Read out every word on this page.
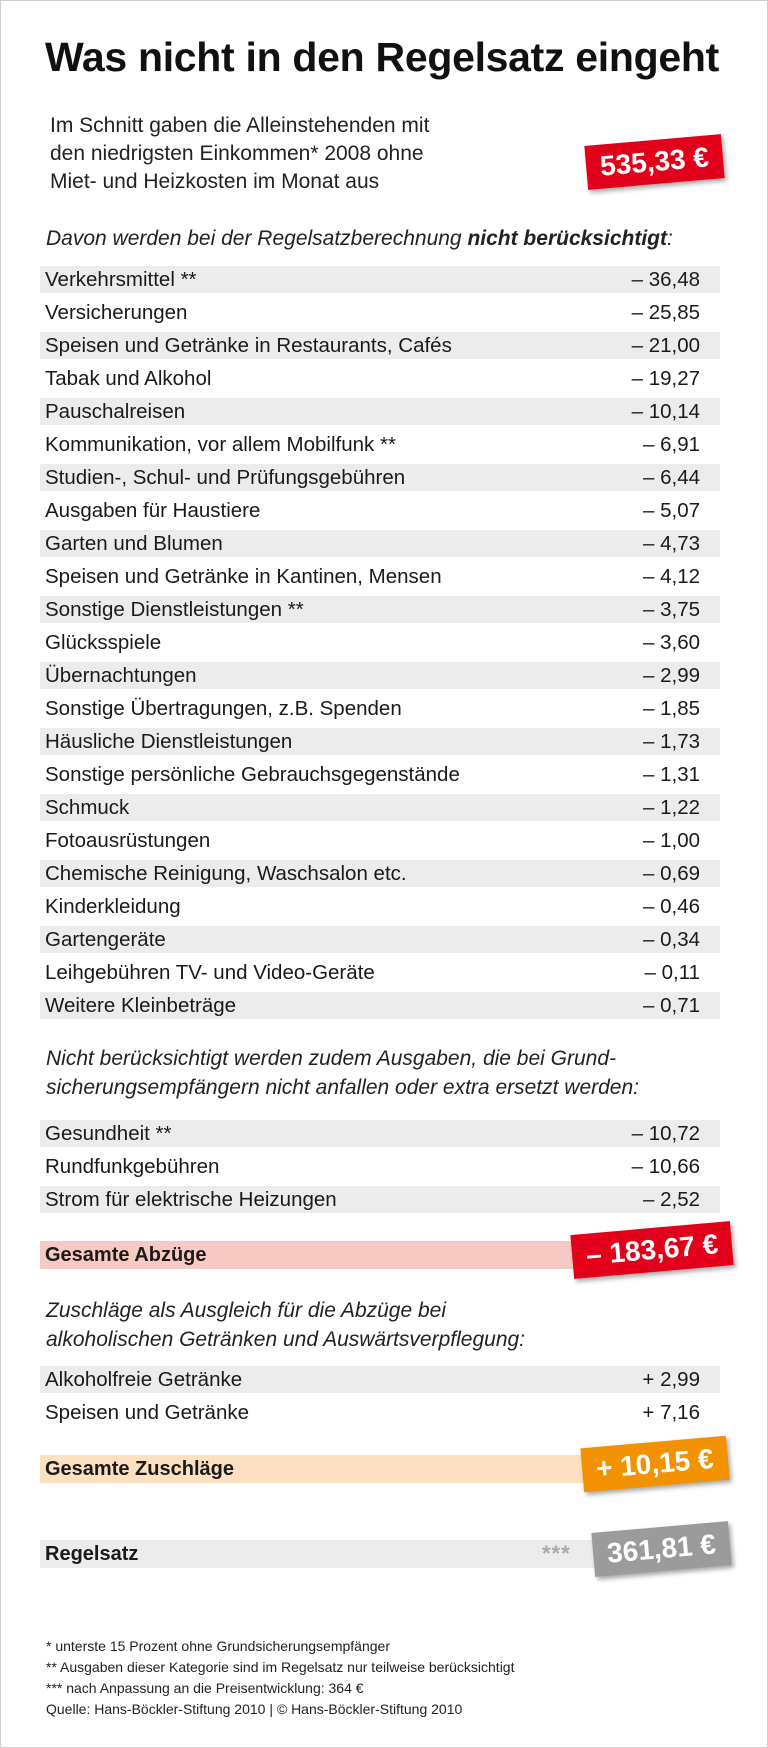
Was nicht in den Regelsatz eingeht
Im Schnitt gaben die Alleinstehenden mit
den niedrigsten Einkommen* 2008 ohne
Miet- und Heizkosten im Monat aus	535,33 €
Davon werden bei der Regelsatzberechnung nicht berücksichtigt:
Verkehrsmittel **	– 36,48
Versicherungen	– 25,85
Speisen und Getränke in Restaurants, Cafés	– 21,00
Tabak und Alkohol	– 19,27
Pauschalreisen	– 10,14
Kommunikation, vor allem Mobilfunk **	– 6,91
Studien-, Schul- und Prüfungsgebühren	– 6,44
Ausgaben für Haustiere	– 5,07
Garten und Blumen	– 4,73
Speisen und Getränke in Kantinen, Mensen	– 4,12
Sonstige Dienstleistungen **	– 3,75
Glücksspiele	– 3,60
Übernachtungen	– 2,99
Sonstige Übertragungen, z.B. Spenden	– 1,85
Häusliche Dienstleistungen	– 1,73
Sonstige persönliche Gebrauchsgegenstände	– 1,31
Schmuck	– 1,22
Fotoausrüstungen	– 1,00
Chemische Reinigung, Waschsalon etc.	– 0,69
Kinderkleidung	– 0,46
Gartengeräte	– 0,34
Leihgebühren TV- und Video-Geräte	– 0,11
Weitere Kleinbeträge	– 0,71
Nicht berücksichtigt werden zudem Ausgaben, die bei Grund-
sicherungsempfängern nicht anfallen oder extra ersetzt werden:
Gesundheit **	– 10,72
Rundfunkgebühren	– 10,66
Strom für elektrische Heizungen	– 2,52
Gesamte Abzüge	– 183,67 €
Zuschläge als Ausgleich für die Abzüge bei
alkoholischen Getränken und Auswärtsverpflegung:
Alkoholfreie Getränke	+ 2,99
Speisen und Getränke	+ 7,16
Gesamte Zuschläge	+ 10,15 €
Regelsatz	***	361,81 €
* unterste 15 Prozent ohne Grundsicherungsempfänger
** Ausgaben dieser Kategorie sind im Regelsatz nur teilweise berücksichtigt
*** nach Anpassung an die Preisentwicklung: 364 €
Quelle: Hans-Böckler-Stiftung 2010 | © Hans-Böckler-Stiftung 2010
